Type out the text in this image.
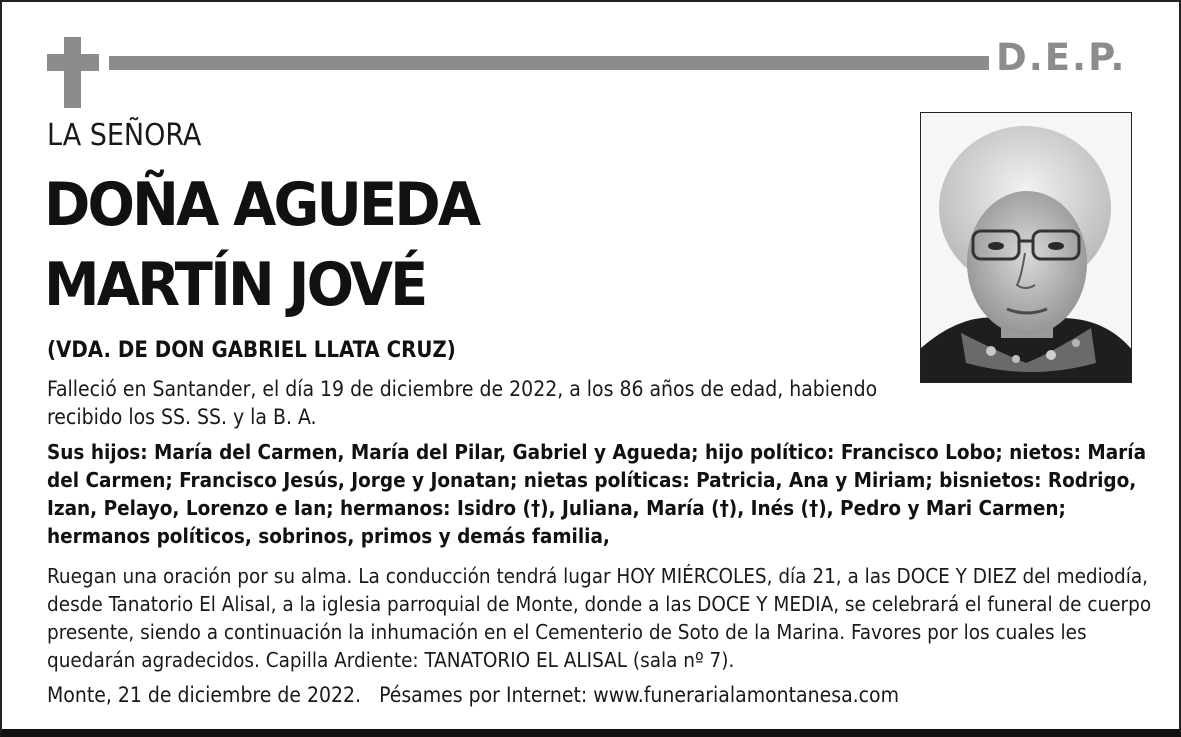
D.E.P.
LA SEÑORA
DOÑA AGUEDA
MARTÍN JOVÉ
(VDA. DE DON GABRIEL LLATA CRUZ)
Falleció en Santander, el día 19 de diciembre de 2022, a los 86 años de edad, habiendo recibido los SS. SS. y la B. A.
Sus hijos: María del Carmen, María del Pilar, Gabriel y Agueda; hijo político: Francisco Lobo; nietos: María del Carmen; Francisco Jesús, Jorge y Jonatan; nietas políticas: Patricia, Ana y Miriam; bisnietos: Rodrigo, Izan, Pelayo, Lorenzo e Ian; hermanos: Isidro (†), Juliana, María (†), Inés (†), Pedro y Mari Carmen; hermanos políticos, sobrinos, primos y demás familia,
Ruegan una oración por su alma. La conducción tendrá lugar HOY MIÉRCOLES, día 21, a las DOCE Y DIEZ del mediodía, desde Tanatorio El Alisal, a la iglesia parroquial de Monte, donde a las DOCE Y MEDIA, se celebrará el funeral de cuerpo presente, siendo a continuación la inhumación en el Cementerio de Soto de la Marina. Favores por los cuales les quedarán agradecidos. Capilla Ardiente: TANATORIO EL ALISAL (sala nº 7).
Monte, 21 de diciembre de 2022. Pésames por Internet: www.funerarialamontanesa.com
